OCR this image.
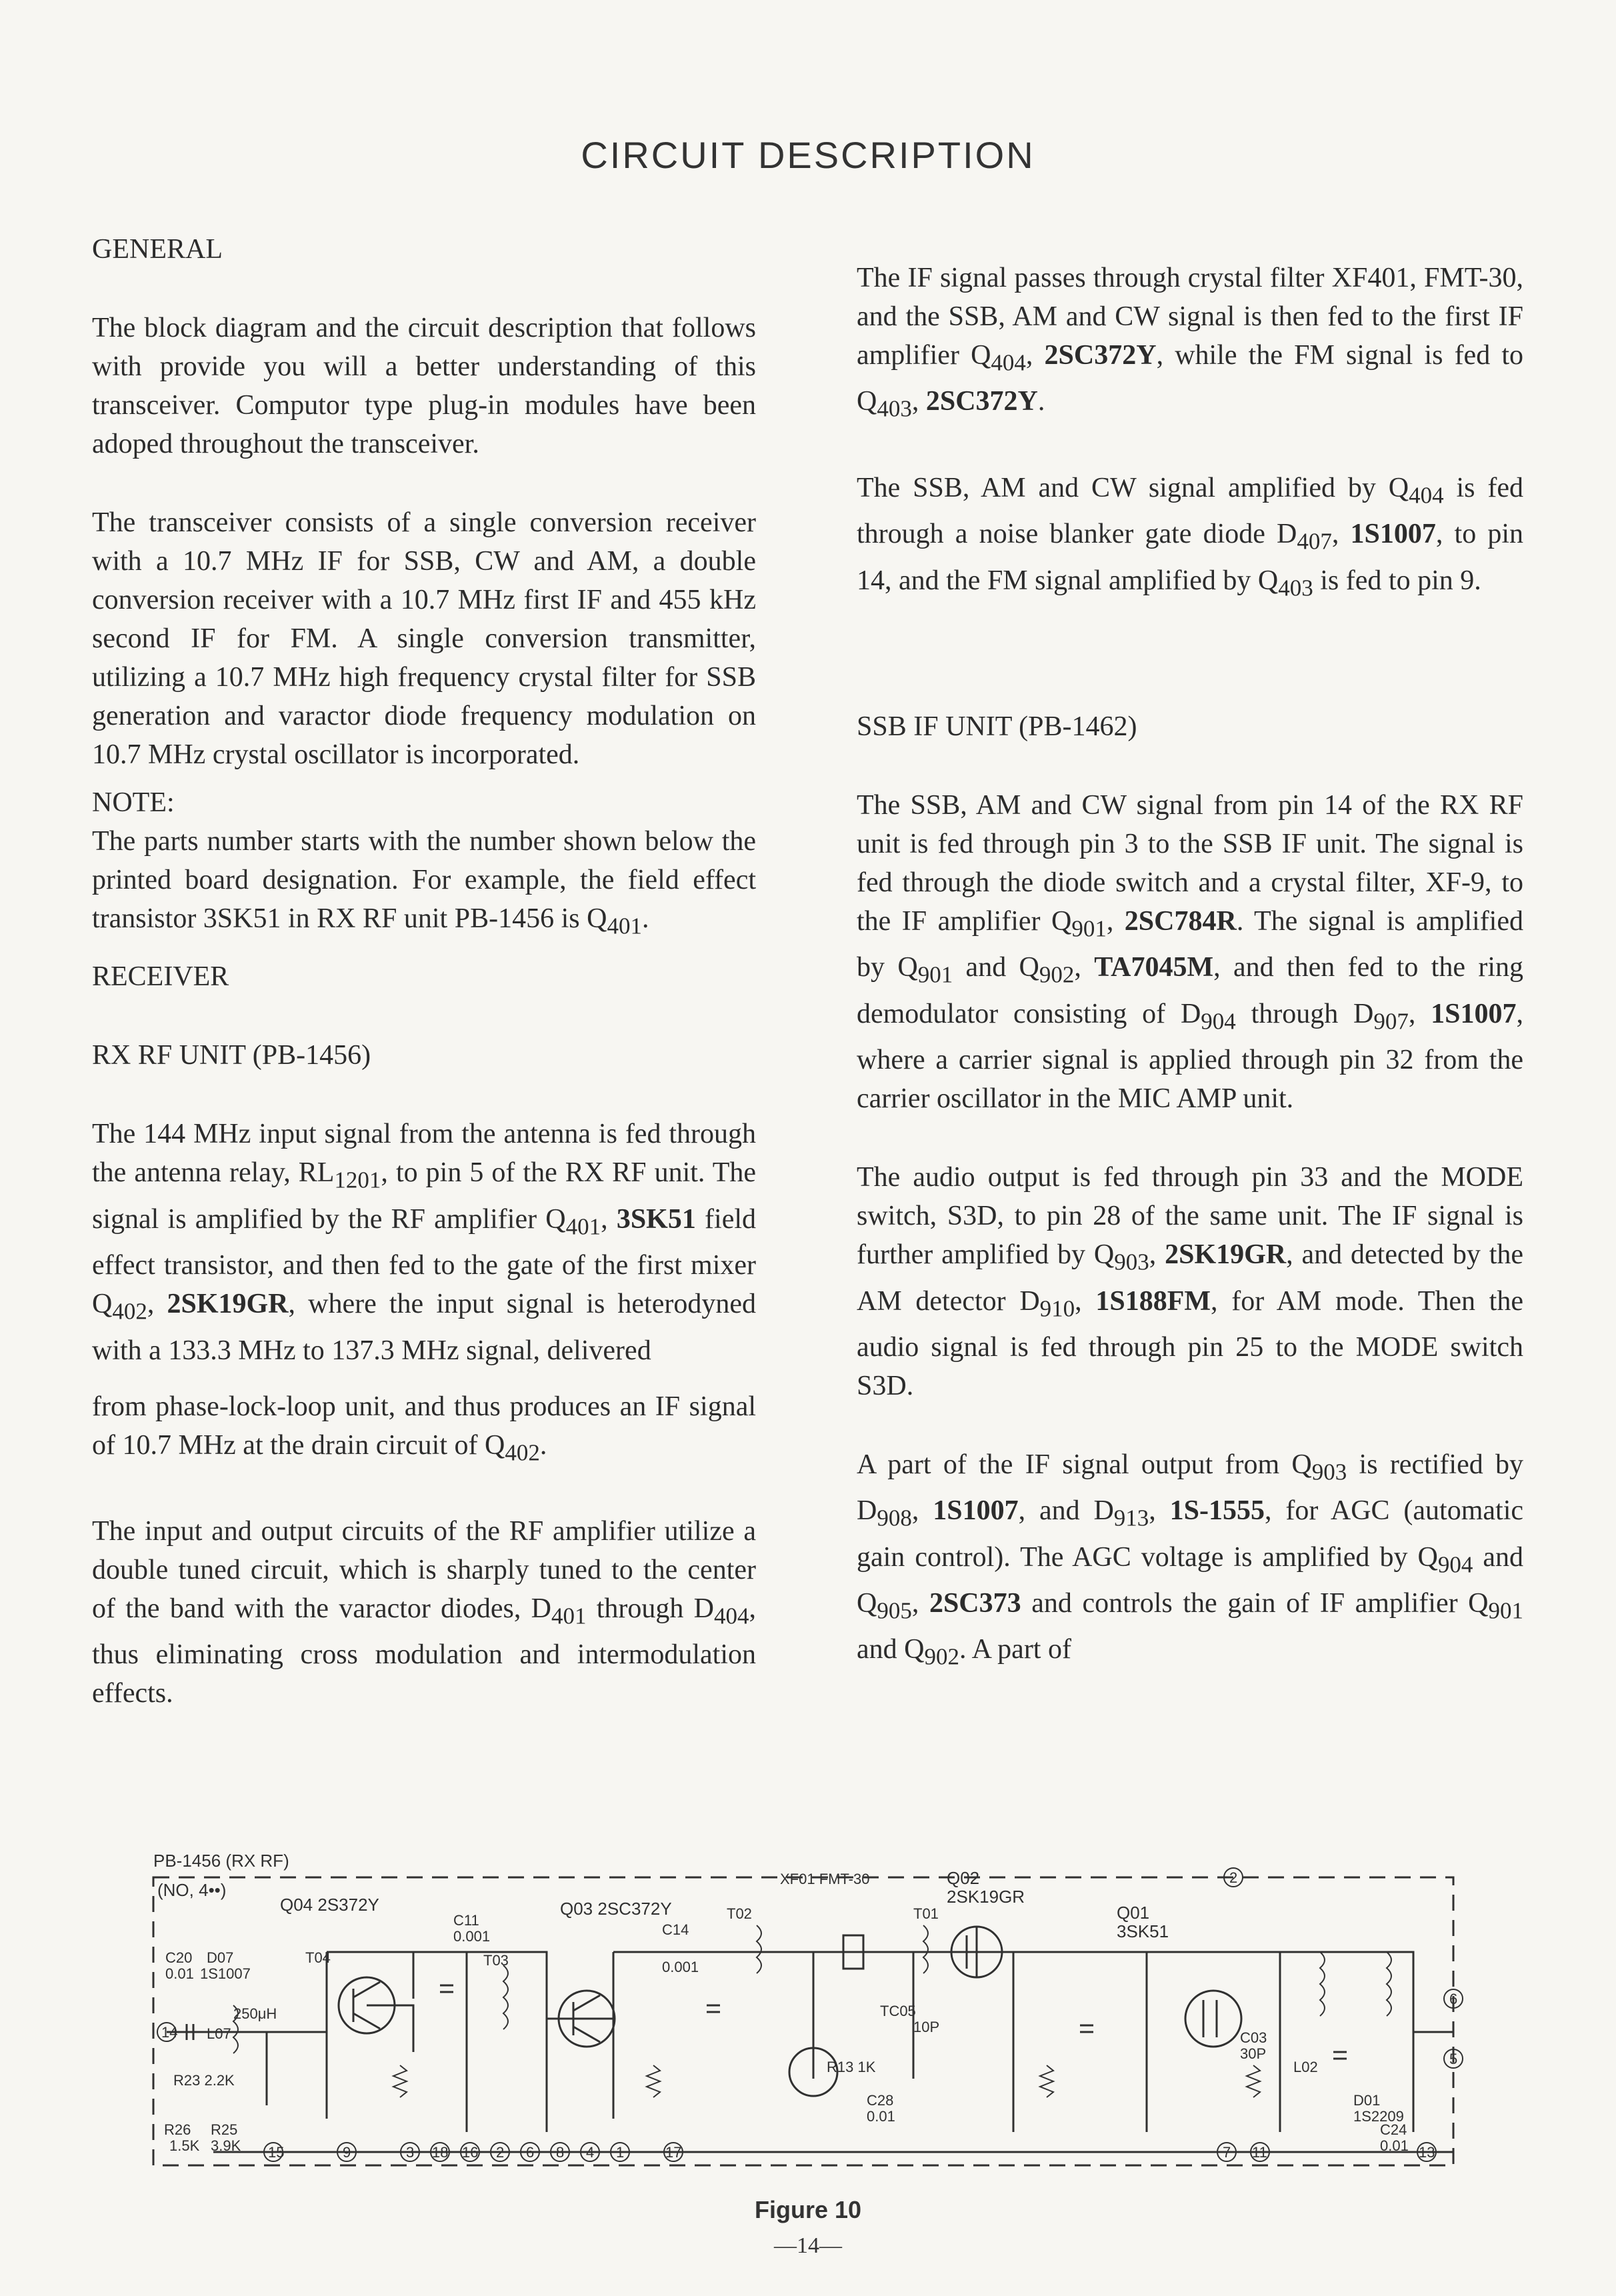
CIRCUIT DESCRIPTION
GENERAL

The block diagram and the circuit description that follows with provide you will a better understanding of this transceiver. Computor type plug-in modules have been adoped throughout the transceiver.

The transceiver consists of a single conversion receiver with a 10.7 MHz IF for SSB, CW and AM, a double conversion receiver with a 10.7 MHz first IF and 455 kHz second IF for FM. A single conversion transmitter, utilizing a 10.7 MHz high frequency crystal filter for SSB generation and varactor diode frequency modulation on 10.7 MHz crystal oscillator is incorporated.

NOTE:

The parts number starts with the number shown below the printed board designation. For example, the field effect transistor 3SK51 in RX RF unit PB-1456 is $Q_{401}$.

RECEIVER
RX RF UNIT (PB-1456)

The 144 MHz input signal from the antenna is fed through the antenna relay, $RL_{1201}$, to pin 5 of the RX RF unit. The signal is amplified by the RF amplifier $Q_{401}$, 3SK51 field effect transistor, and then fed to the gate of the first mixer $Q_{402}$, 2SK19GR, where the input signal is heterodyned with a 133.3 MHz to 137.3 MHz signal, delivered

from phase-lock-loop unit, and thus produces an IF signal of 10.7 MHz at the drain circuit of $Q_{402}$.

The input and output circuits of the RF amplifier utilize a double tuned circuit, which is sharply tuned to the center of the band with the varactor diodes, $D_{401}$ through $D_{404}$, thus eliminating cross modulation and intermodulation effects.

The IF signal passes through crystal filter XF401, FMT-30, and the SSB, AM and CW signal is then fed to the first IF amplifier $Q_{404}$, 2SC372Y, while the FM signal is fed to $Q_{403}$, 2SC372Y.

The SSB, AM and CW signal amplified by $Q_{404}$ is fed through a noise blanker gate diode $D_{407}$, 1S1007, to pin 14, and the FM signal amplified by $Q_{403}$ is fed to pin 9.

SSB IF UNIT (PB-1462)

The SSB, AM and CW signal from pin 14 of the RX RF unit is fed through pin 3 to the SSB IF unit. The signal is fed through the diode switch and a crystal filter, XF-9, to the IF amplifier $Q_{901}$, 2SC784R. The signal is amplified by $Q_{901}$ and $Q_{902}$, TA7045M, and then fed to the ring demodulator consisting of $D_{904}$ through $D_{907}$, 1S1007, where a carrier signal is applied through pin 32 from the carrier oscillator in the MIC AMP unit.

The audio output is fed through pin 33 and the MODE switch, S3D, to pin 28 of the same unit. The IF signal is further amplified by $Q_{903}$, 2SK19GR, and detected by the AM detector $D_{910}$, 1S188FM, for AM mode. Then the audio signal is fed through pin 25 to the MODE switch S3D.

A part of the IF signal output from $Q_{903}$ is rectified by $D_{908}$, 1S1007, and $D_{913}$, 1S-1555, for AGC (automatic gain control). The AGC voltage is amplified by $Q_{904}$ and $Q_{905}$, 2SC373 and controls the gain of IF amplifier $Q_{901}$ and $Q_{902}$. A part of

PB-1456 (RX RF)
(NO, 4••)
Q04 2S372Y	Q03 2SC372Y
XF01 FMT-30	Q02
2SK19GR
Q01
3SK51
T02	T01
T03
T04
D07
1S1007
C20
0.01
L07
250μH
R23 2.2K
R26
1.5K
R25
3.9K
C14
0.001
C11
0.001
TC05
10P
C28
0.01
C24
0.01
R13 1K
C03
30P
D01
1S2209
L02
14
15	9	3 18 16 2 6 8 4 1	17	7 11	13
2
6
5
Figure 10
—14—
